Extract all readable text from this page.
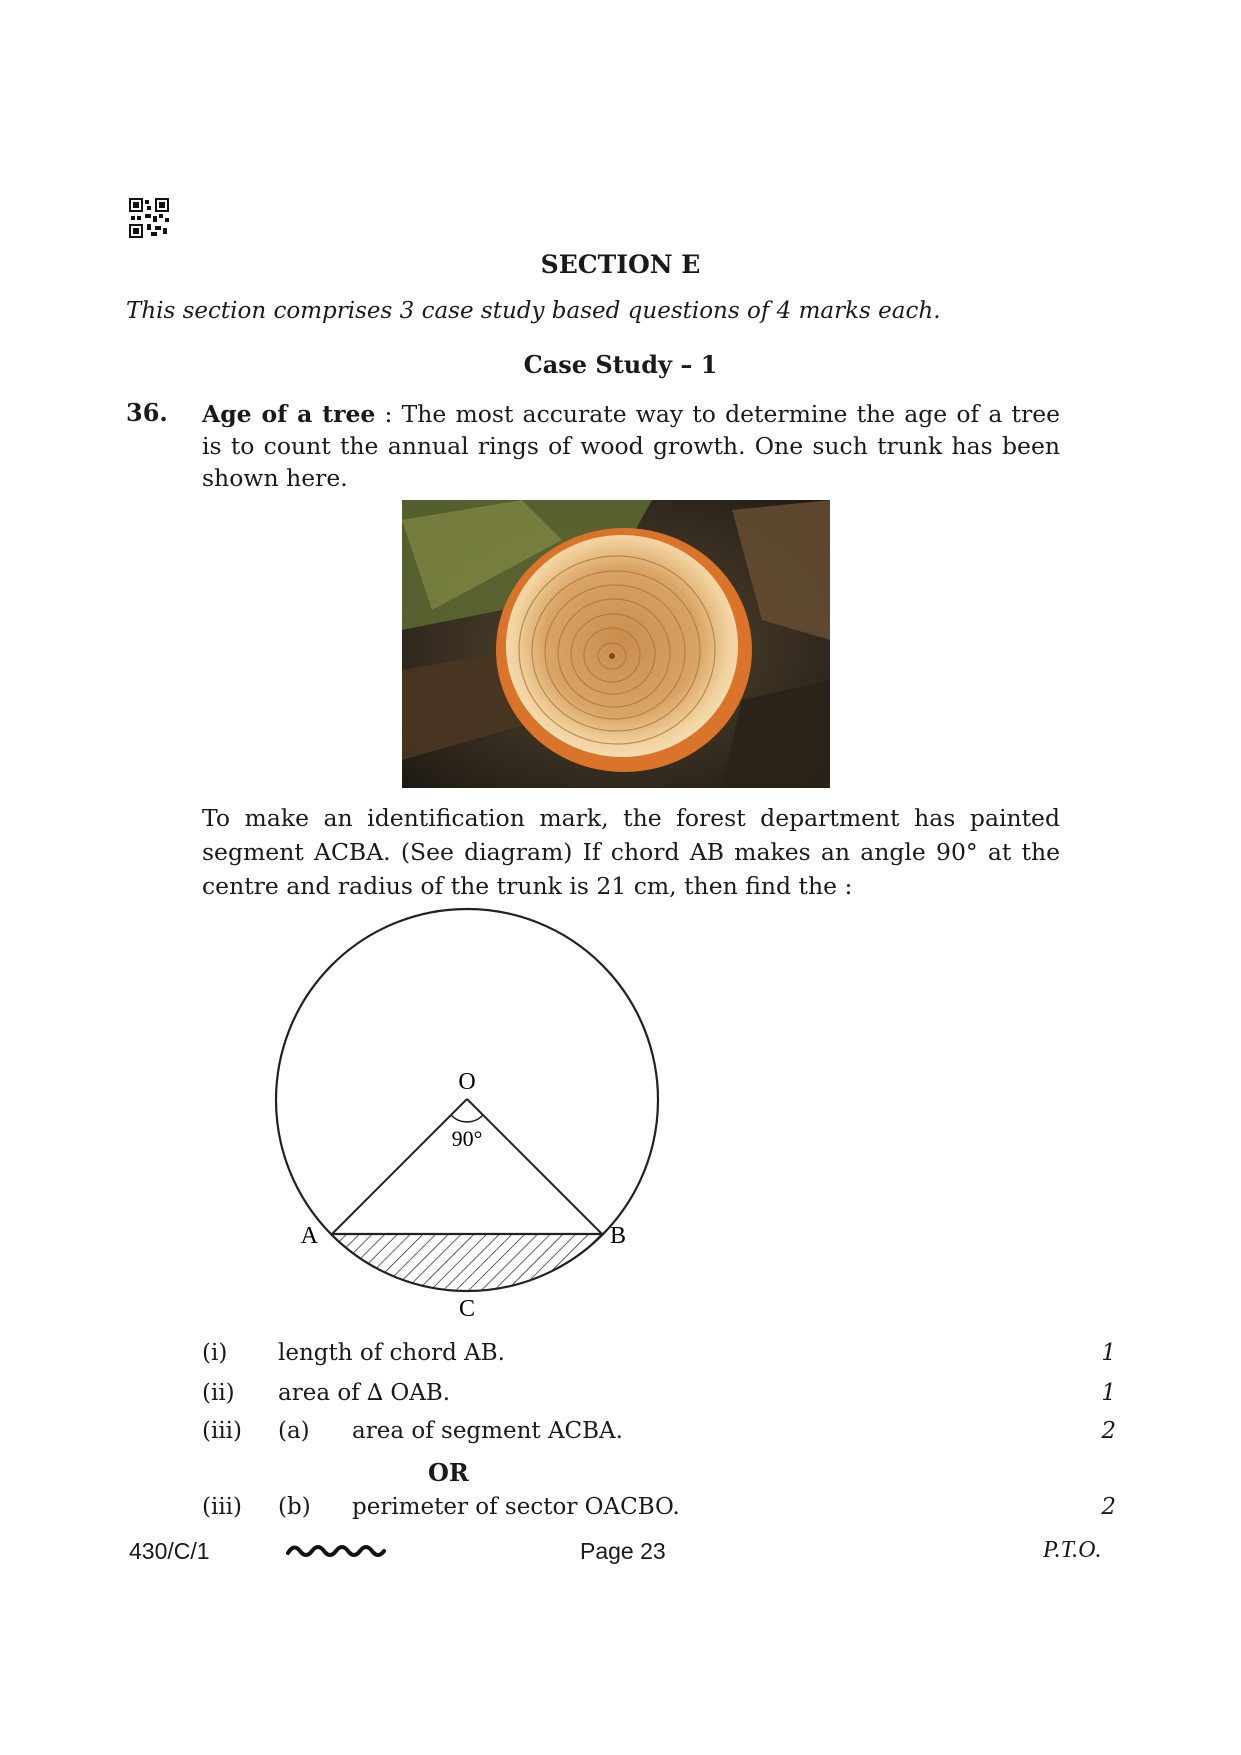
SECTION E
This section comprises 3 case study based questions of 4 marks each.
Case Study – 1
36. Age of a tree : The most accurate way to determine the age of a tree is to count the annual rings of wood growth. One such trunk has been shown here.
To make an identification mark, the forest department has painted segment ACBA. (See diagram) If chord AB makes an angle 90° at the centre and radius of the trunk is 21 cm, then find the :
O
90°
A	B
C
(i) length of chord AB.	1
(ii) area of ∆ OAB.	1
(iii) (a) area of segment ACBA.	2
OR
(iii) (b) perimeter of sector OACBO.	2
430/C/1	Page 23	P.T.O.
